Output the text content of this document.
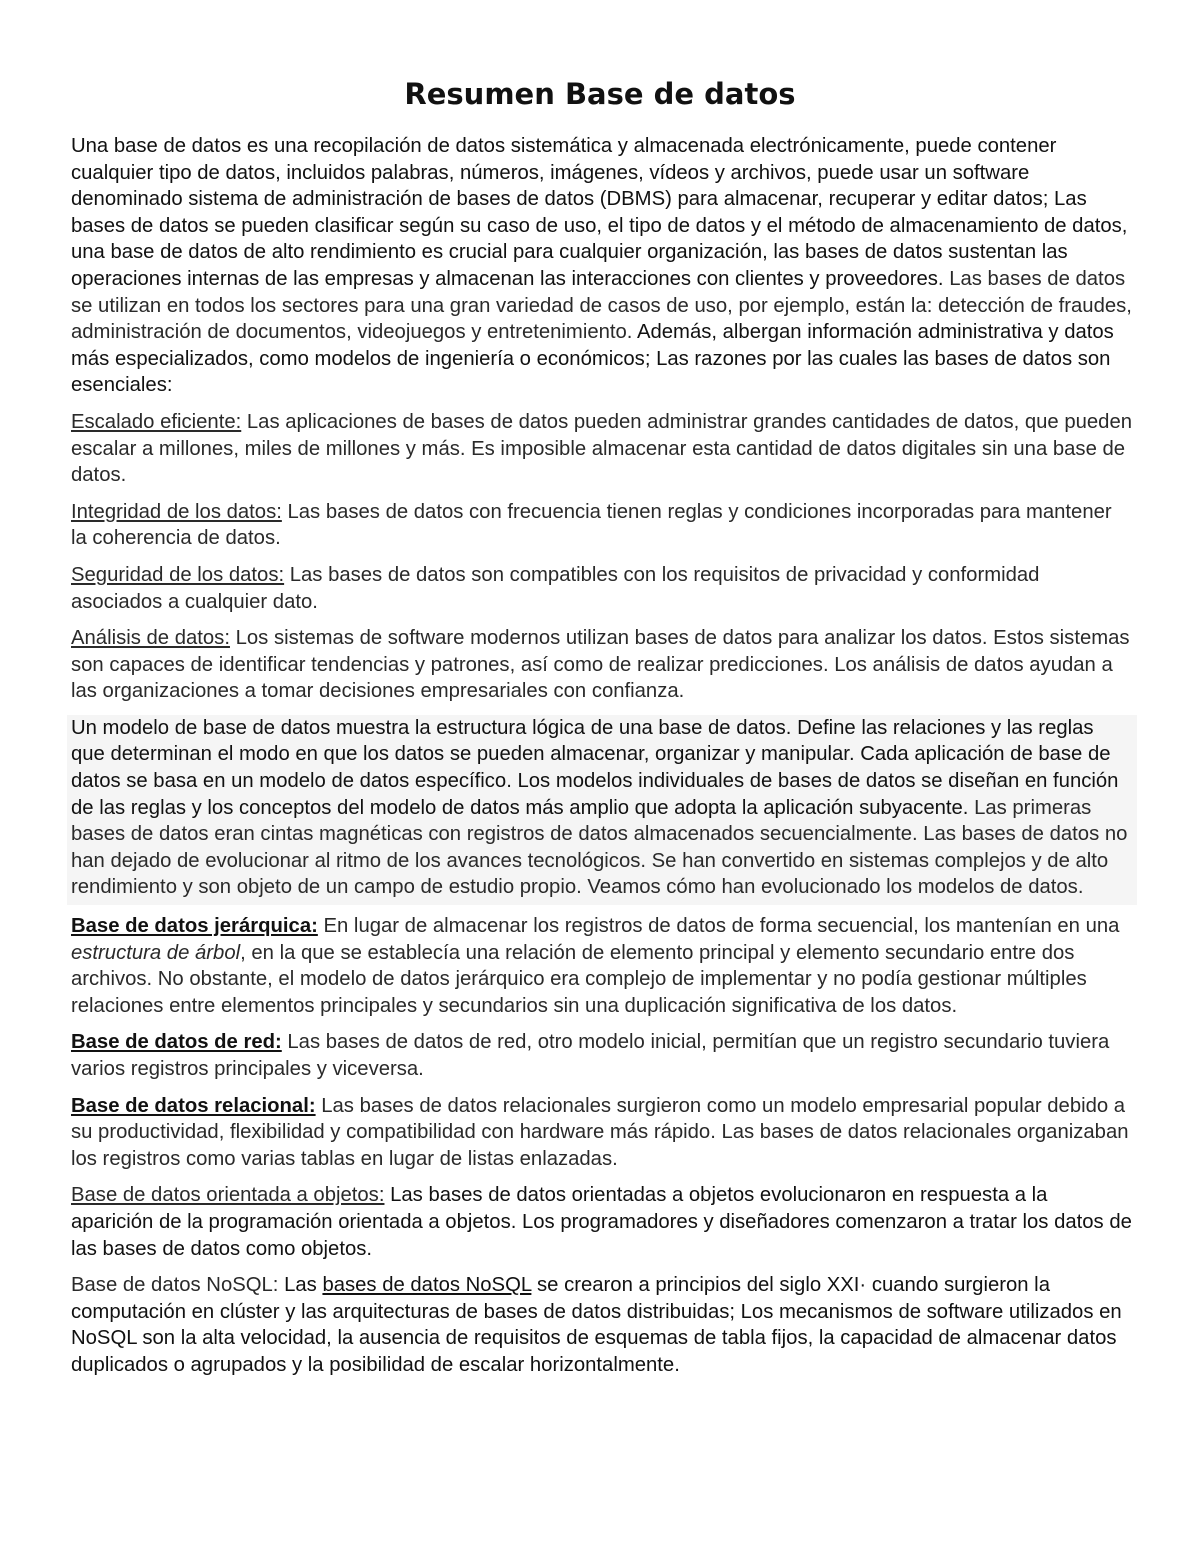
Resumen Base de datos

Una base de datos es una recopilación de datos sistemática y almacenada electrónicamente, puede contener cualquier tipo de datos, incluidos palabras, números, imágenes, vídeos y archivos, puede usar un software denominado sistema de administración de bases de datos (DBMS) para almacenar, recuperar y editar datos; Las bases de datos se pueden clasificar según su caso de uso, el tipo de datos y el método de almacenamiento de datos, una base de datos de alto rendimiento es crucial para cualquier organización, las bases de datos sustentan las operaciones internas de las empresas y almacenan las interacciones con clientes y proveedores. Las bases de datos se utilizan en todos los sectores para una gran variedad de casos de uso, por ejemplo, están la: detección de fraudes, administración de documentos, videojuegos y entretenimiento. Además, albergan información administrativa y datos más especializados, como modelos de ingeniería o económicos; Las razones por las cuales las bases de datos son esenciales:

Escalado eficiente: Las aplicaciones de bases de datos pueden administrar grandes cantidades de datos, que pueden escalar a millones, miles de millones y más. Es imposible almacenar esta cantidad de datos digitales sin una base de datos.

Integridad de los datos: Las bases de datos con frecuencia tienen reglas y condiciones incorporadas para mantener la coherencia de datos.

Seguridad de los datos: Las bases de datos son compatibles con los requisitos de privacidad y conformidad asociados a cualquier dato.

Análisis de datos: Los sistemas de software modernos utilizan bases de datos para analizar los datos. Estos sistemas son capaces de identificar tendencias y patrones, así como de realizar predicciones. Los análisis de datos ayudan a las organizaciones a tomar decisiones empresariales con confianza.

Un modelo de base de datos muestra la estructura lógica de una base de datos. Define las relaciones y las reglas que determinan el modo en que los datos se pueden almacenar, organizar y manipular. Cada aplicación de base de datos se basa en un modelo de datos específico. Los modelos individuales de bases de datos se diseñan en función de las reglas y los conceptos del modelo de datos más amplio que adopta la aplicación subyacente. Las primeras bases de datos eran cintas magnéticas con registros de datos almacenados secuencialmente. Las bases de datos no han dejado de evolucionar al ritmo de los avances tecnológicos. Se han convertido en sistemas complejos y de alto rendimiento y son objeto de un campo de estudio propio. Veamos cómo han evolucionado los modelos de datos.

Base de datos jerárquica: En lugar de almacenar los registros de datos de forma secuencial, los mantenían en una estructura de árbol, en la que se establecía una relación de elemento principal y elemento secundario entre dos archivos. No obstante, el modelo de datos jerárquico era complejo de implementar y no podía gestionar múltiples relaciones entre elementos principales y secundarios sin una duplicación significativa de los datos.

Base de datos de red: Las bases de datos de red, otro modelo inicial, permitían que un registro secundario tuviera varios registros principales y viceversa.

Base de datos relacional: Las bases de datos relacionales surgieron como un modelo empresarial popular debido a su productividad, flexibilidad y compatibilidad con hardware más rápido. Las bases de datos relacionales organizaban los registros como varias tablas en lugar de listas enlazadas.

Base de datos orientada a objetos: Las bases de datos orientadas a objetos evolucionaron en respuesta a la aparición de la programación orientada a objetos. Los programadores y diseñadores comenzaron a tratar los datos de las bases de datos como objetos.

Base de datos NoSQL: Las bases de datos NoSQL se crearon a principios del siglo XXI· cuando surgieron la computación en clúster y las arquitecturas de bases de datos distribuidas; Los mecanismos de software utilizados en NoSQL son la alta velocidad, la ausencia de requisitos de esquemas de tabla fijos, la capacidad de almacenar datos duplicados o agrupados y la posibilidad de escalar horizontalmente.
